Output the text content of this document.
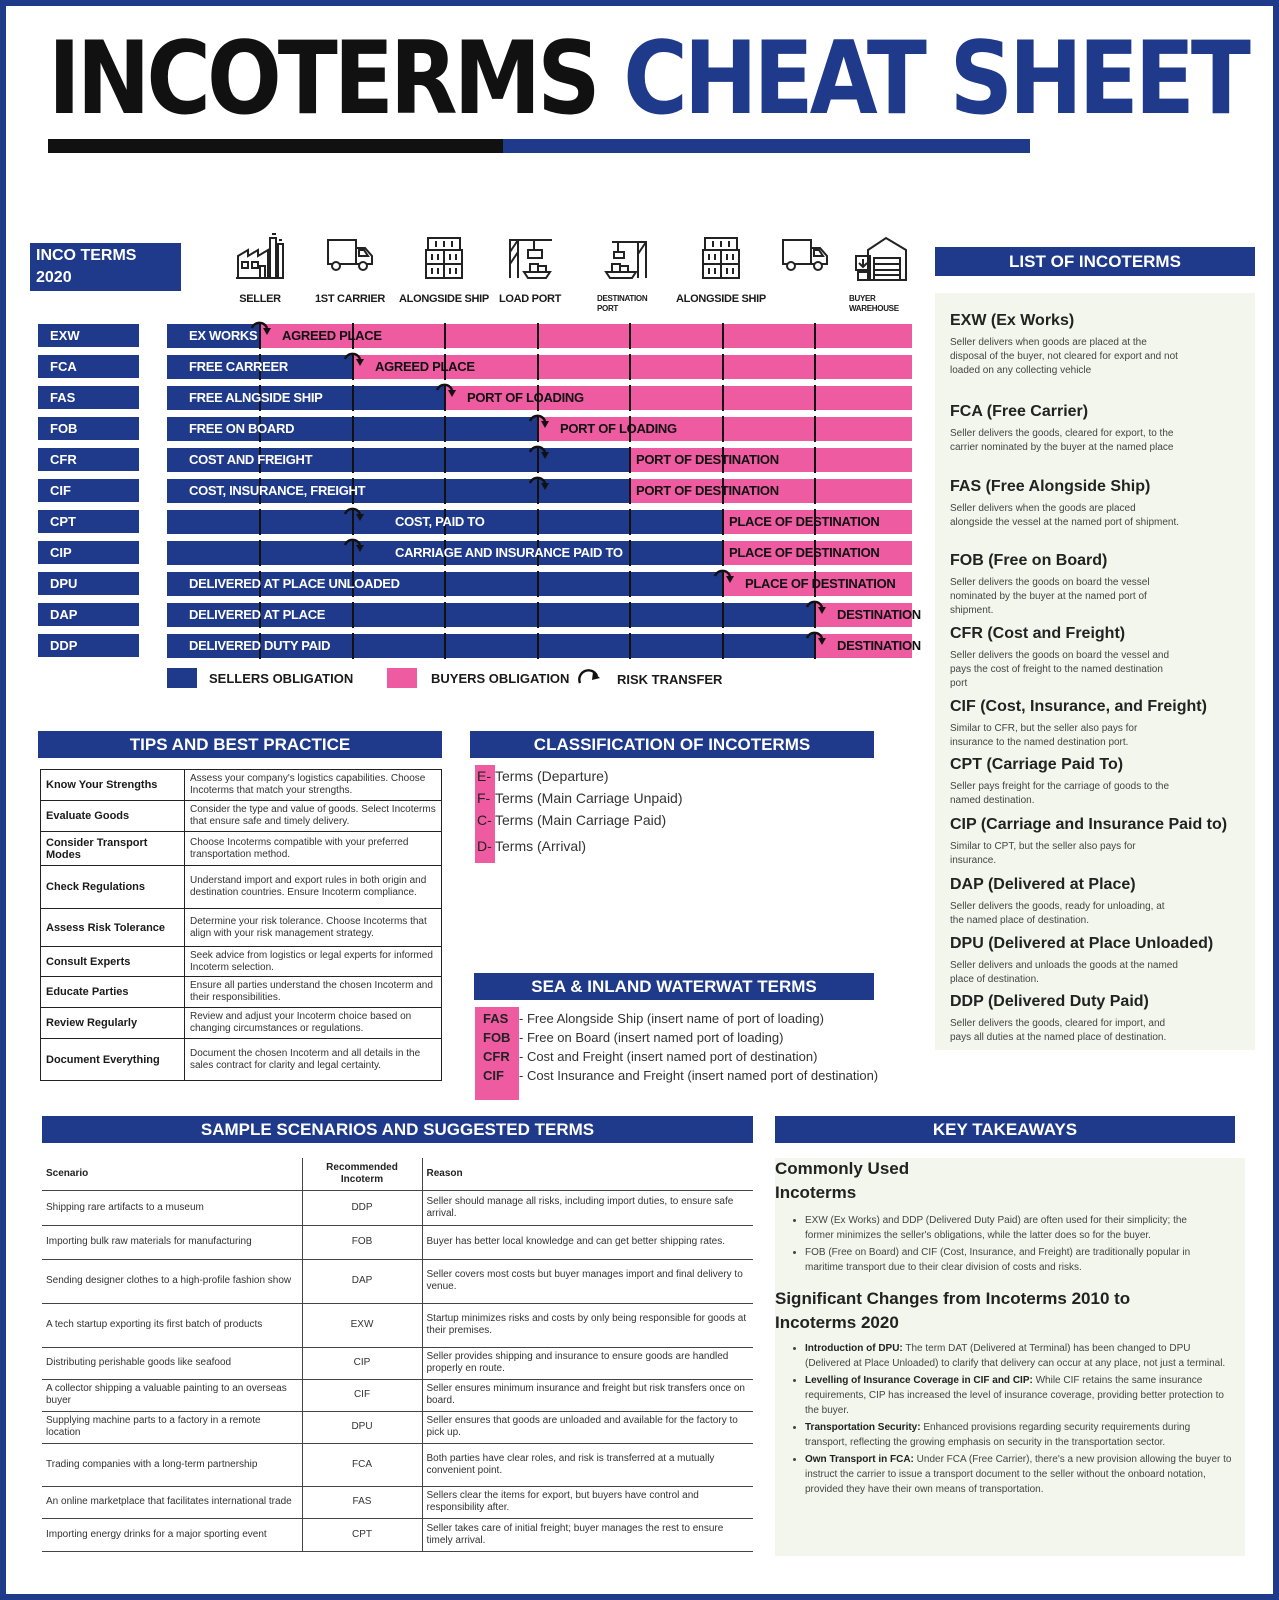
INCOTERMS CHEAT SHEET
INCO TERMS 2020
SELLER	1ST CARRIER	ALONGSIDE SHIP LOAD PORT	DESTINATION PORT
ALONGSIDE SHIP	BUYER WAREHOUSE
EXW	EX WORKS AGREED PLACE
FCA	FREE CARREER	AGREED PLACE
FAS	FREE ALNGSIDE SHIP	PORT OF LOADING
FOB	FREE ON BOARD	PORT OF LOADING
CFR	COST AND FREIGHT	PORT OF DESTINATION
CIF	COST, INSURANCE, FREIGHT	PORT OF DESTINATION
CPT	COST, PAID TO	PLACE OF DESTINATION
CIP	CARRIAGE AND INSURANCE PAID TO	PLACE OF DESTINATION
DPU	DELIVERED AT PLACE UNLOADED	PLACE OF DESTINATION
DAP	DELIVERED AT PLACE	DESTINATION
DDP	DELIVERED DUTY PAID	DESTINATION
SELLERS OBLIGATION	BUYERS OBLIGATION	RISK TRANSFER
LIST OF INCOTERMS
EXW (Ex Works)
Seller delivers when goods are placed at the disposal of the buyer, not cleared for export and not loaded on any collecting vehicle
FCA (Free Carrier)
Seller delivers the goods, cleared for export, to the carrier nominated by the buyer at the named place
FAS (Free Alongside Ship)
Seller delivers when the goods are placed alongside the vessel at the named port of shipment.
FOB (Free on Board)
Seller delivers the goods on board the vessel nominated by the buyer at the named port of shipment.
CFR (Cost and Freight)
Seller delivers the goods on board the vessel and pays the cost of freight to the named destination port
CIF (Cost, Insurance, and Freight)
Similar to CFR, but the seller also pays for insurance to the named destination port.
CPT (Carriage Paid To)
Seller pays freight for the carriage of goods to the named destination.
CIP (Carriage and Insurance Paid to)
Similar to CPT, but the seller also pays for insurance.
DAP (Delivered at Place)
Seller delivers the goods, ready for unloading, at the named place of destination.
DPU (Delivered at Place Unloaded)
Seller delivers and unloads the goods at the named place of destination.
DDP (Delivered Duty Paid)
Seller delivers the goods, cleared for import, and pays all duties at the named place of destination.
TIPS AND BEST PRACTICE
Know Your Strengths	Assess your company's logistics capabilities. Choose Incoterms that match your strengths.
Evaluate Goods	Consider the type and value of goods. Select Incoterms that ensure safe and timely delivery.
Consider Transport Modes	Choose Incoterms compatible with your preferred transportation method.
Check Regulations	Understand import and export rules in both origin and destination countries. Ensure Incoterm compliance.
Assess Risk Tolerance	Determine your risk tolerance. Choose Incoterms that align with your risk management strategy.
Consult Experts	Seek advice from logistics or legal experts for informed Incoterm selection.
Educate Parties	Ensure all parties understand the chosen Incoterm and their responsibilities.
Review Regularly	Review and adjust your Incoterm choice based on changing circumstances or regulations.
Document Everything	Document the chosen Incoterm and all details in the sales contract for clarity and legal certainty.
CLASSIFICATION OF INCOTERMS
E- Terms (Departure)
F- Terms (Main Carriage Unpaid)
C- Terms (Main Carriage Paid)
D- Terms (Arrival)
SEA & INLAND WATERWAT TERMS
FAS - Free Alongside Ship (insert name of port of loading)
FOB - Free on Board (insert named port of loading)
CFR - Cost and Freight (insert named port of destination)
CIF	- Cost Insurance and Freight (insert named port of destination)
SAMPLE SCENARIOS AND SUGGESTED TERMS
Scenario	Recommended Incoterm	Reason
Shipping rare artifacts to a museum	DDP	Seller should manage all risks, including import duties, to ensure safe arrival.
Importing bulk raw materials for manufacturing	FOB	Buyer has better local knowledge and can get better shipping rates.
Sending designer clothes to a high-profile fashion show	DAP	Seller covers most costs but buyer manages import and final delivery to venue.
A tech startup exporting its first batch of products	EXW	Startup minimizes risks and costs by only being responsible for goods at their premises.
Distributing perishable goods like seafood	CIP	Seller provides shipping and insurance to ensure goods are handled properly en route.
A collector shipping a valuable painting to an overseas buyer	CIF	Seller ensures minimum insurance and freight but risk transfers once on board.
Supplying machine parts to a factory in a remote location	DPU	Seller ensures that goods are unloaded and available for the factory to pick up.
Trading companies with a long-term partnership	FCA	Both parties have clear roles, and risk is transferred at a mutually convenient point.
An online marketplace that facilitates international trade	FAS	Sellers clear the items for export, but buyers have control and responsibility after.
Importing energy drinks for a major sporting event	CPT	Seller takes care of initial freight; buyer manages the rest to ensure timely arrival.
KEY TAKEAWAYS
Commonly Used Incoterms
• EXW (Ex Works) and DDP (Delivered Duty Paid) are often used for their simplicity; the former minimizes the seller's obligations, while the latter does so for the buyer.
• FOB (Free on Board) and CIF (Cost, Insurance, and Freight) are traditionally popular in maritime transport due to their clear division of costs and risks.
Significant Changes from Incoterms 2010 to Incoterms 2020
• Introduction of DPU: The term DAT (Delivered at Terminal) has been changed to DPU (Delivered at Place Unloaded) to clarify that delivery can occur at any place, not just a terminal.
• Levelling of Insurance Coverage in CIF and CIP: While CIF retains the same insurance requirements, CIP has increased the level of insurance coverage, providing better protection to the buyer.
• Transportation Security: Enhanced provisions regarding security requirements during transport, reflecting the growing emphasis on security in the transportation sector.
• Own Transport in FCA: Under FCA (Free Carrier), there's a new provision allowing the buyer to instruct the carrier to issue a transport document to the seller without the onboard notation, provided they have their own means of transportation.
